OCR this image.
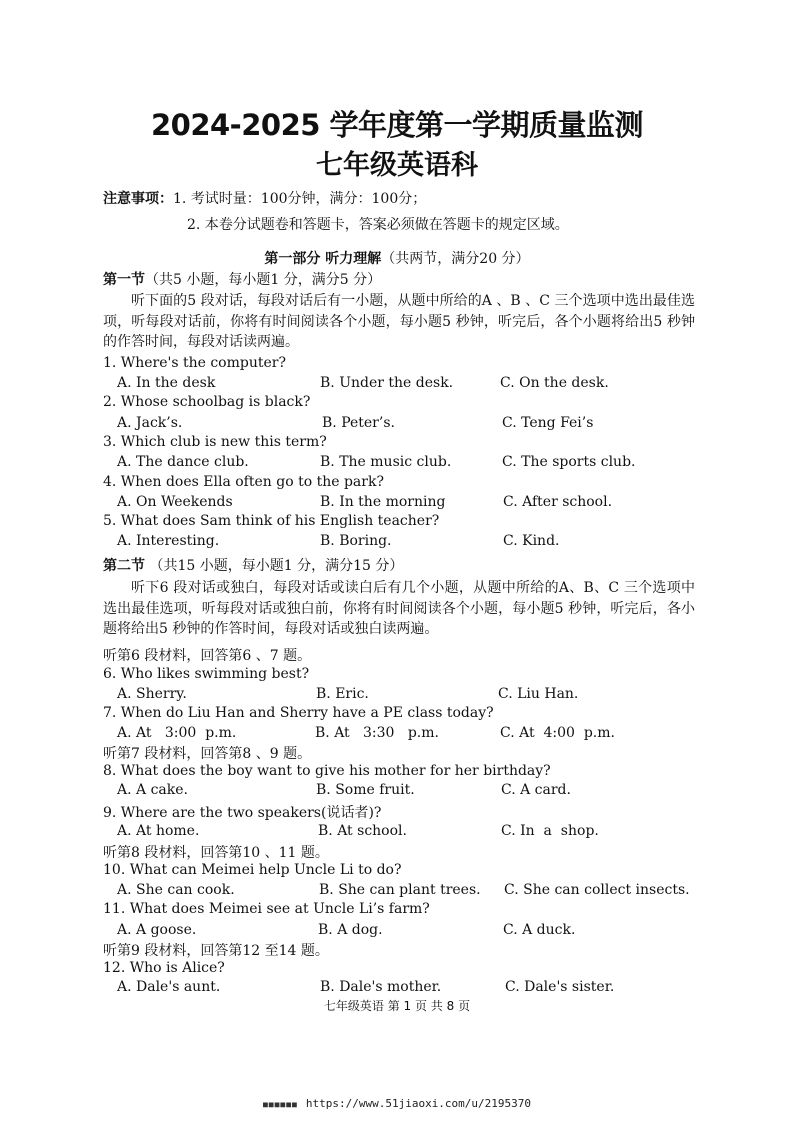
2024-2025 学年度第一学期质量监测
七年级英语科
注意事项：1. 考试时量：100分钟，满分：100分；
2. 本卷分试题卷和答题卡，答案必须做在答题卡的规定区域。
第一部分 听力理解（共两节，满分20 分）
第一节（共5 小题，每小题1 分，满分5 分）
听下面的5 段对话，每段对话后有一小题，从题中所给的A 、B 、C 三个选项中选出最佳选项，听每段对话前，你将有时间阅读各个小题，每小题5 秒钟，听完后，各个小题将给出5 秒钟的作答时间，每段对话读两遍。
1. Where's the computer?
A. In the desk	B. Under the desk.	C. On the desk.
2. Whose schoolbag is black?
A. Jack’s.	B. Peter’s.	C. Teng Fei’s
3. Which club is new this term?
A. The dance club.	B. The music club.	C. The sports club.
4. When does Ella often go to the park?
A. On Weekends	B. In the morning	C. After school.
5. What does Sam think of his English teacher?
A. Interesting.	B. Boring.	C. Kind.
第二节 （共15 小题，每小题1 分，满分15 分）
听下6 段对话或独白，每段对话或读白后有几个小题，从题中所给的A、B、C 三个选项中选出最佳选项，听每段对话或独白前，你将有时间阅读各个小题，每小题5 秒钟，听完后，各小题将给出5 秒钟的作答时间，每段对话或独白读两遍。
听第6 段材料，回答第6 、7 题。
6. Who likes swimming best?
A. Sherry.	B. Eric.	C. Liu Han.
7. When do Liu Han and Sherry have a PE class today?
A. At   3:00  p.m.	B. At   3:30   p.m.	C. At  4:00  p.m.
听第7 段材料，回答第8 、9 题。
8. What does the boy want to give his mother for her birthday?
A. A cake.	B. Some fruit.	C. A card.
9. Where are the two speakers(说话者)?
A. At home.	B. At school.	C. In  a  shop.
听第8 段材料，回答第10 、11 题。
10. What can Meimei help Uncle Li to do?
A. She can cook.	B. She can plant trees. C. She can collect insects.
11. What does Meimei see at Uncle Li’s farm?
A. A goose.	B. A dog.	C. A duck.
听第9 段材料，回答第12 至14 题。
12. Who is Alice?
A. Dale's aunt.	B. Dale's mother.	C. Dale's sister.
七年级英语 第 1 页 共 8 页
■■■■■■ https://www.51jiaoxi.com/u/2195370
